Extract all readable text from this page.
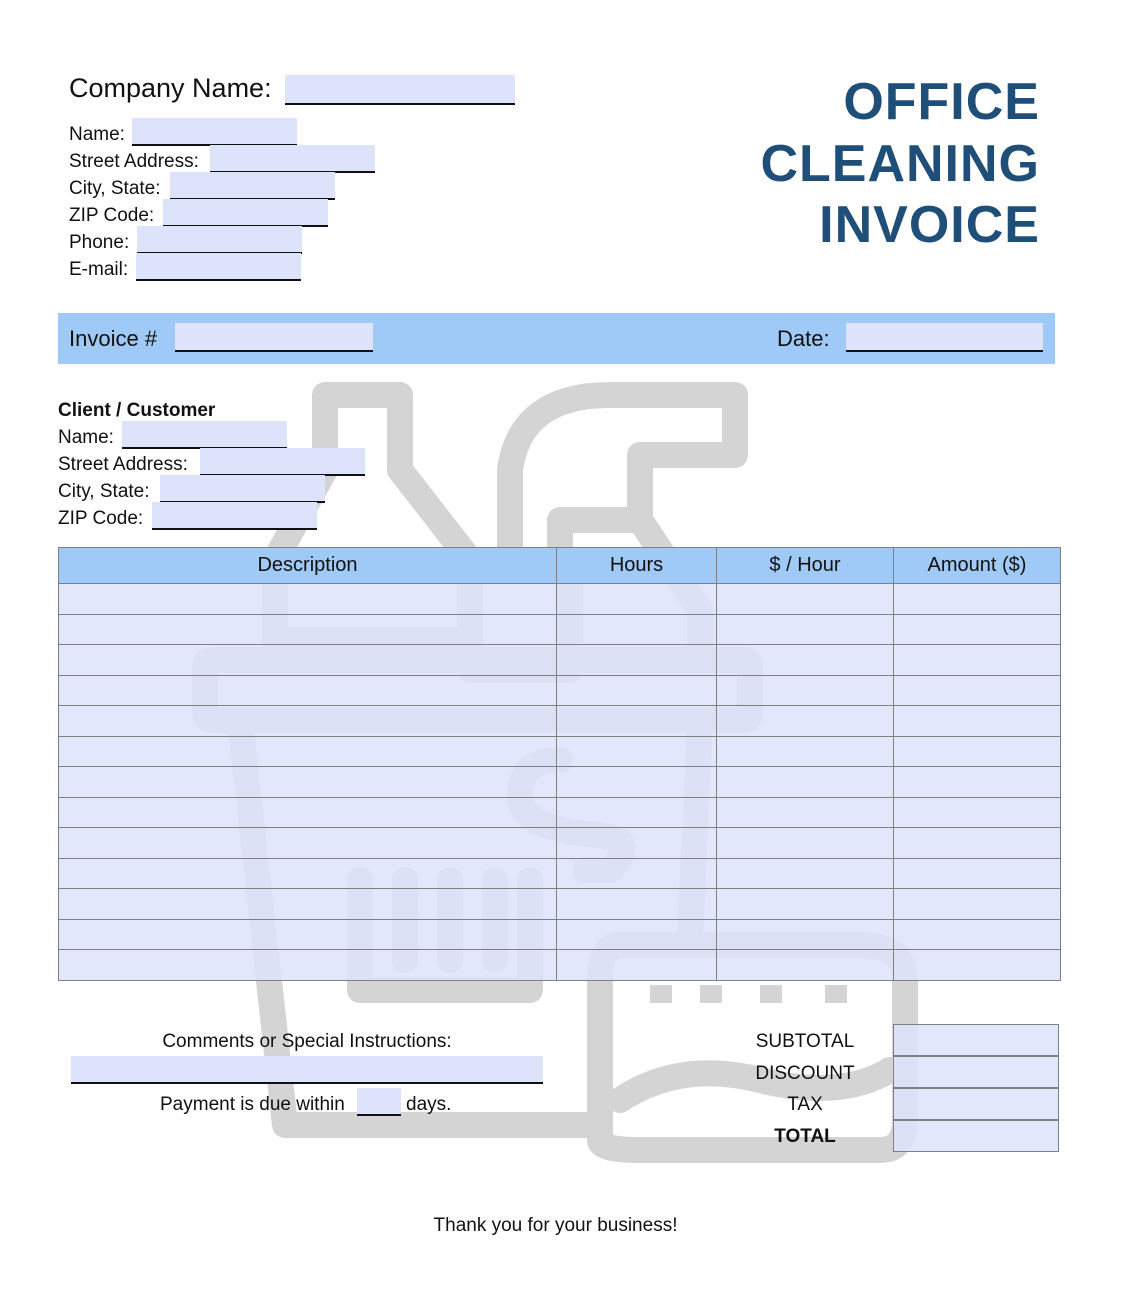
Company Name:
Name:
Street Address:
City, State:
ZIP Code:
Phone:
E-mail:
OFFICE
CLEANING
INVOICE
Invoice #	Date:
Client / Customer
Name:
Street Address:
City, State:
ZIP Code:
Description	Hours	$ / Hour	Amount ($)

Comments or Special Instructions:
Payment is due within	days.
SUBTOTAL
DISCOUNT
TAX
TOTAL
Thank you for your business!
